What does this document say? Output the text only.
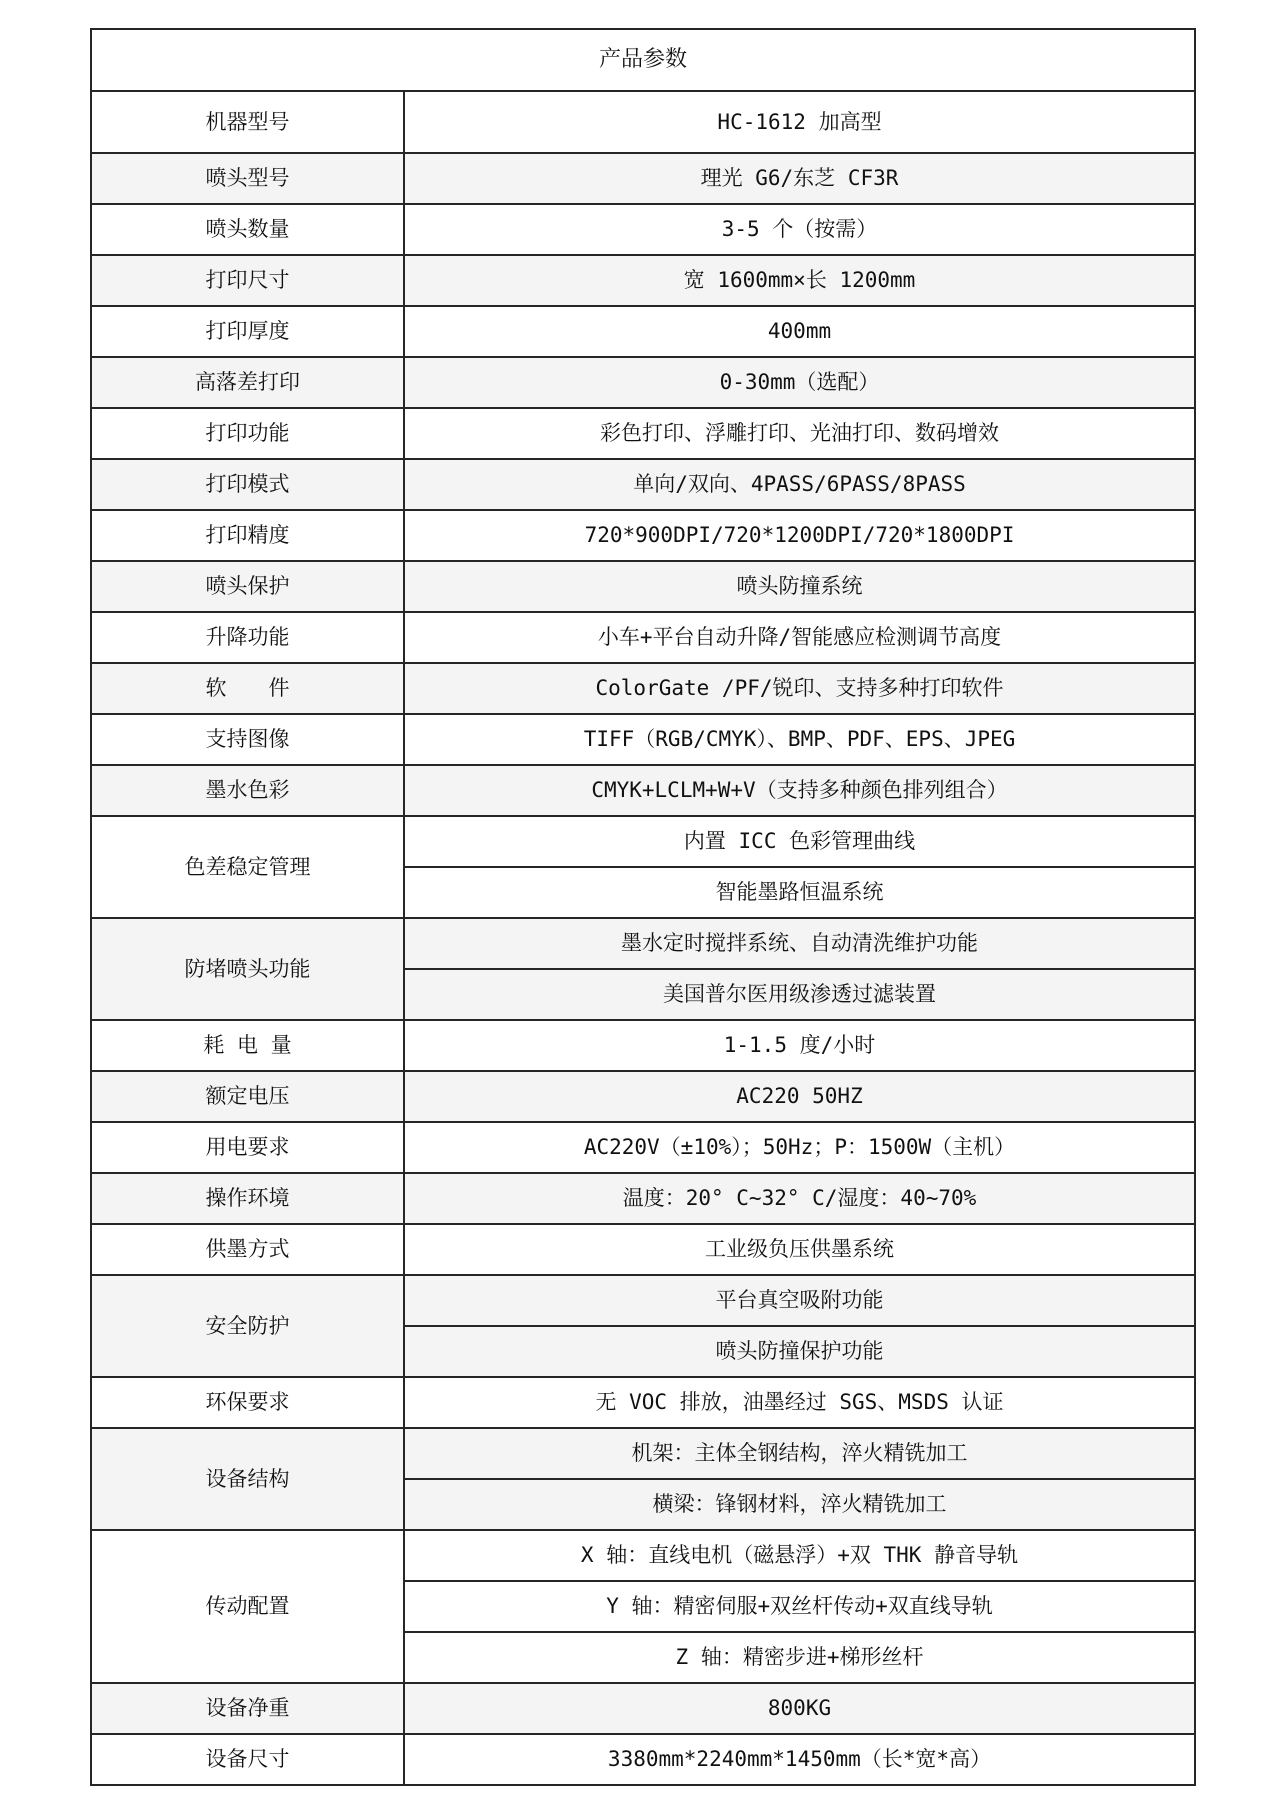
产品参数	
机器型号	HC-1612 加高型
喷头型号	理光 G6/东芝 CF3R
喷头数量	3-5 个（按需）
打印尺寸	宽 1600mm×长 1200mm
打印厚度	400mm
高落差打印	0-30mm（选配）
打印功能	彩色打印、浮雕打印、光油打印、数码增效
打印模式	单向/双向、4PASS/6PASS/8PASS
打印精度	720*900DPI/720*1200DPI/720*1800DPI
喷头保护	喷头防撞系统
升降功能	小车+平台自动升降/智能感应检测调节高度
软　　件	ColorGate /PF/锐印、支持多种打印软件
支持图像	TIFF（RGB/CMYK）、BMP、PDF、EPS、JPEG
墨水色彩	CMYK+LCLM+W+V（支持多种颜色排列组合）
色差稳定管理	内置 ICC 色彩管理曲线
	智能墨路恒温系统
防堵喷头功能	墨水定时搅拌系统、自动清洗维护功能
	美国普尔医用级渗透过滤装置
耗 电 量	1-1.5 度/小时
额定电压	AC220 50HZ
用电要求	AC220V（±10%）；50Hz；P：1500W（主机）
操作环境	温度：20° C~32° C/湿度：40~70%
供墨方式	工业级负压供墨系统
安全防护	平台真空吸附功能
	喷头防撞保护功能
环保要求	无 VOC 排放，油墨经过 SGS、MSDS 认证
设备结构	机架：主体全钢结构，淬火精铣加工
	横梁：锋钢材料，淬火精铣加工
传动配置	X 轴：直线电机（磁悬浮）+双 THK 静音导轨
	Y 轴：精密伺服+双丝杆传动+双直线导轨
	Z 轴：精密步进+梯形丝杆
设备净重	800KG
设备尺寸	3380mm*2240mm*1450mm（长*宽*高）
